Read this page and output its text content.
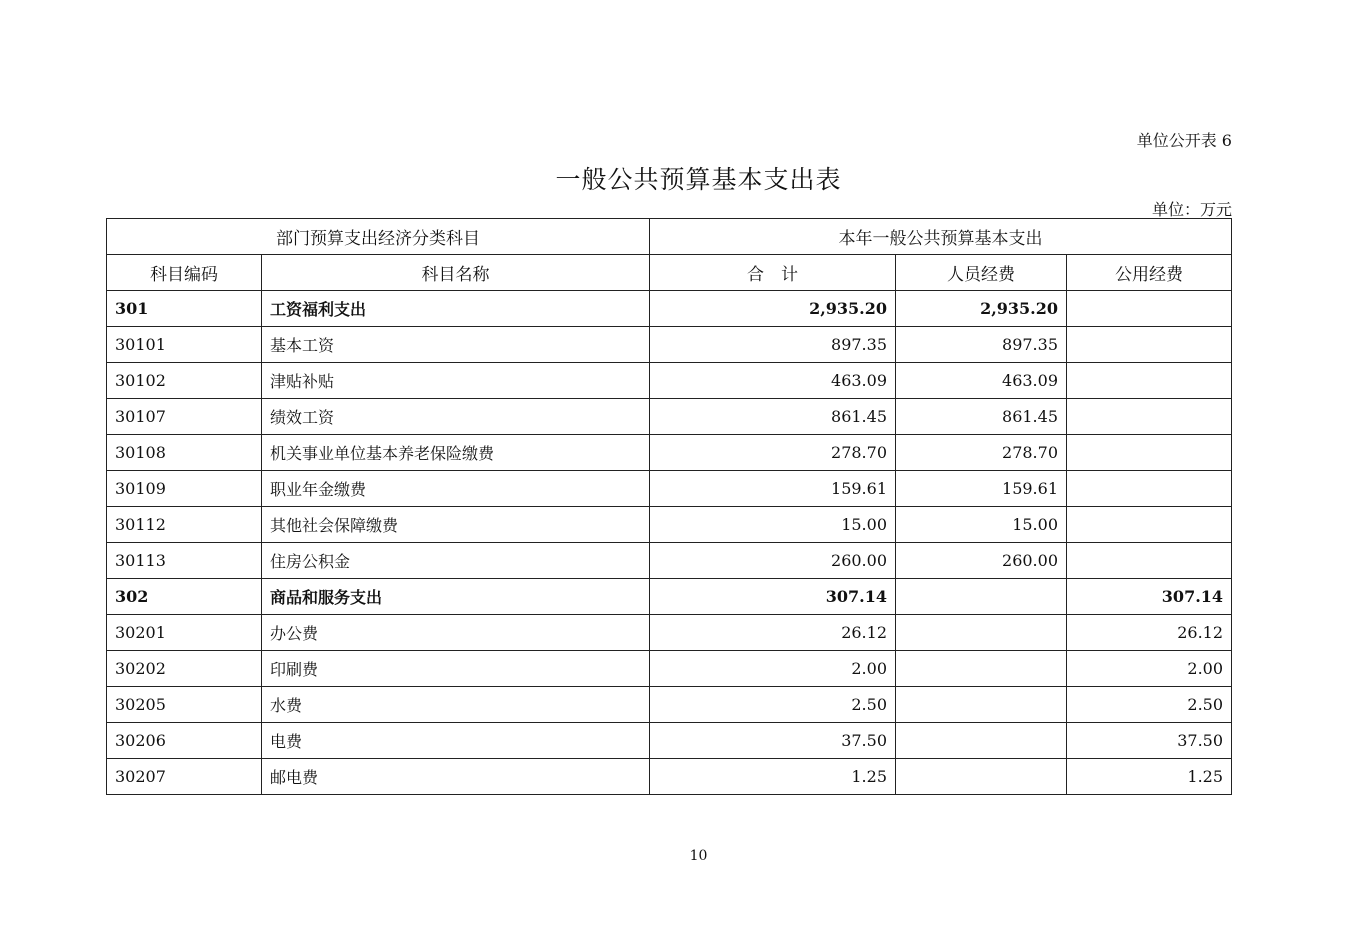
单位公开表 6
一般公共预算基本支出表
单位：万元
部门预算支出经济分类科目		本年一般公共预算基本支出		
科目编码	科目名称	合　计	人员经费	公用经费
301	工资福利支出	2,935.20	2,935.20	
30101	基本工资	897.35	897.35	
30102	津贴补贴	463.09	463.09	
30107	绩效工资	861.45	861.45	
30108	机关事业单位基本养老保险缴费	278.70	278.70	
30109	职业年金缴费	159.61	159.61	
30112	其他社会保障缴费	15.00	15.00	
30113	住房公积金	260.00	260.00	
302	商品和服务支出	307.14		307.14
30201	办公费	26.12		26.12
30202	印刷费	2.00		2.00
30205	水费	2.50		2.50
30206	电费	37.50		37.50
30207	邮电费	1.25		1.25
10
